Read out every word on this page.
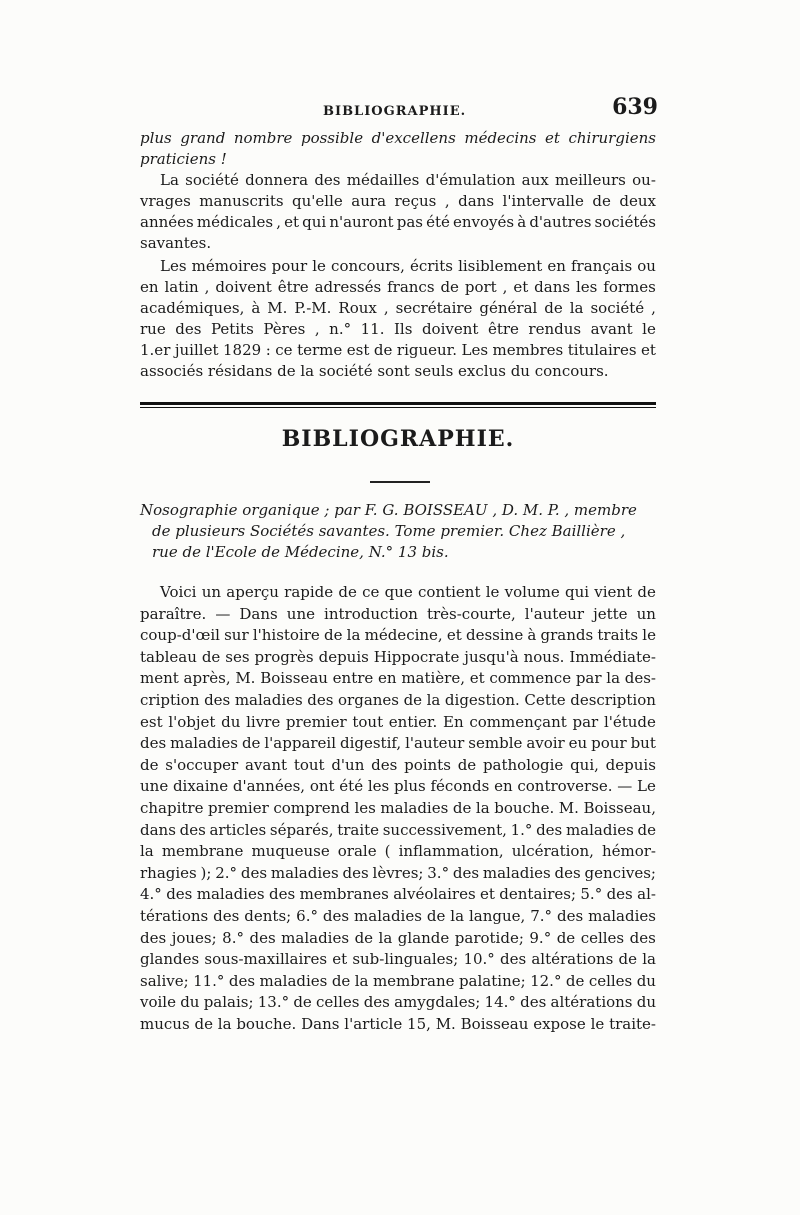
BIBLIOGRAPHIE.	639
plus grand nombre possible d'excellens médecins et chirurgiens
praticiens !
La société donnera des médailles d'émulation aux meilleurs ou-
vrages manuscrits qu'elle aura reçus , dans l'intervalle de deux
années médicales , et qui n'auront pas été envoyés à d'autres sociétés
savantes.
Les mémoires pour le concours, écrits lisiblement en français ou
en latin , doivent être adressés francs de port , et dans les formes
académiques, à M. P.-M. Roux , secrétaire général de la société ,
rue des Petits Pères , n.° 11. Ils doivent être rendus avant le
1.er juillet 1829 : ce terme est de rigueur. Les membres titulaires et
associés résidans de la société sont seuls exclus du concours.
BIBLIOGRAPHIE.
Nosographie organique ; par F. G. BOISSEAU , D. M. P. , membre
de plusieurs Sociétés savantes. Tome premier. Chez Baillière ,
rue de l'Ecole de Médecine, N.° 13 bis.
Voici un aperçu rapide de ce que contient le volume qui vient de
paraître. — Dans une introduction très-courte, l'auteur jette un
coup-d'œil sur l'histoire de la médecine, et dessine à grands traits le
tableau de ses progrès depuis Hippocrate jusqu'à nous. Immédiate-
ment après, M. Boisseau entre en matière, et commence par la des-
cription des maladies des organes de la digestion. Cette description
est l'objet du livre premier tout entier. En commençant par l'étude
des maladies de l'appareil digestif, l'auteur semble avoir eu pour but
de s'occuper avant tout d'un des points de pathologie qui, depuis
une dixaine d'années, ont été les plus féconds en controverse. — Le
chapitre premier comprend les maladies de la bouche. M. Boisseau,
dans des articles séparés, traite successivement, 1.° des maladies de
la membrane muqueuse orale ( inflammation, ulcération, hémor-
rhagies ); 2.° des maladies des lèvres; 3.° des maladies des gencives;
4.° des maladies des membranes alvéolaires et dentaires; 5.° des al-
térations des dents; 6.° des maladies de la langue, 7.° des maladies
des joues; 8.° des maladies de la glande parotide; 9.° de celles des
glandes sous-maxillaires et sub-linguales; 10.° des altérations de la
salive; 11.° des maladies de la membrane palatine; 12.° de celles du
voile du palais; 13.° de celles des amygdales; 14.° des altérations du
mucus de la bouche. Dans l'article 15, M. Boisseau expose le traite-
